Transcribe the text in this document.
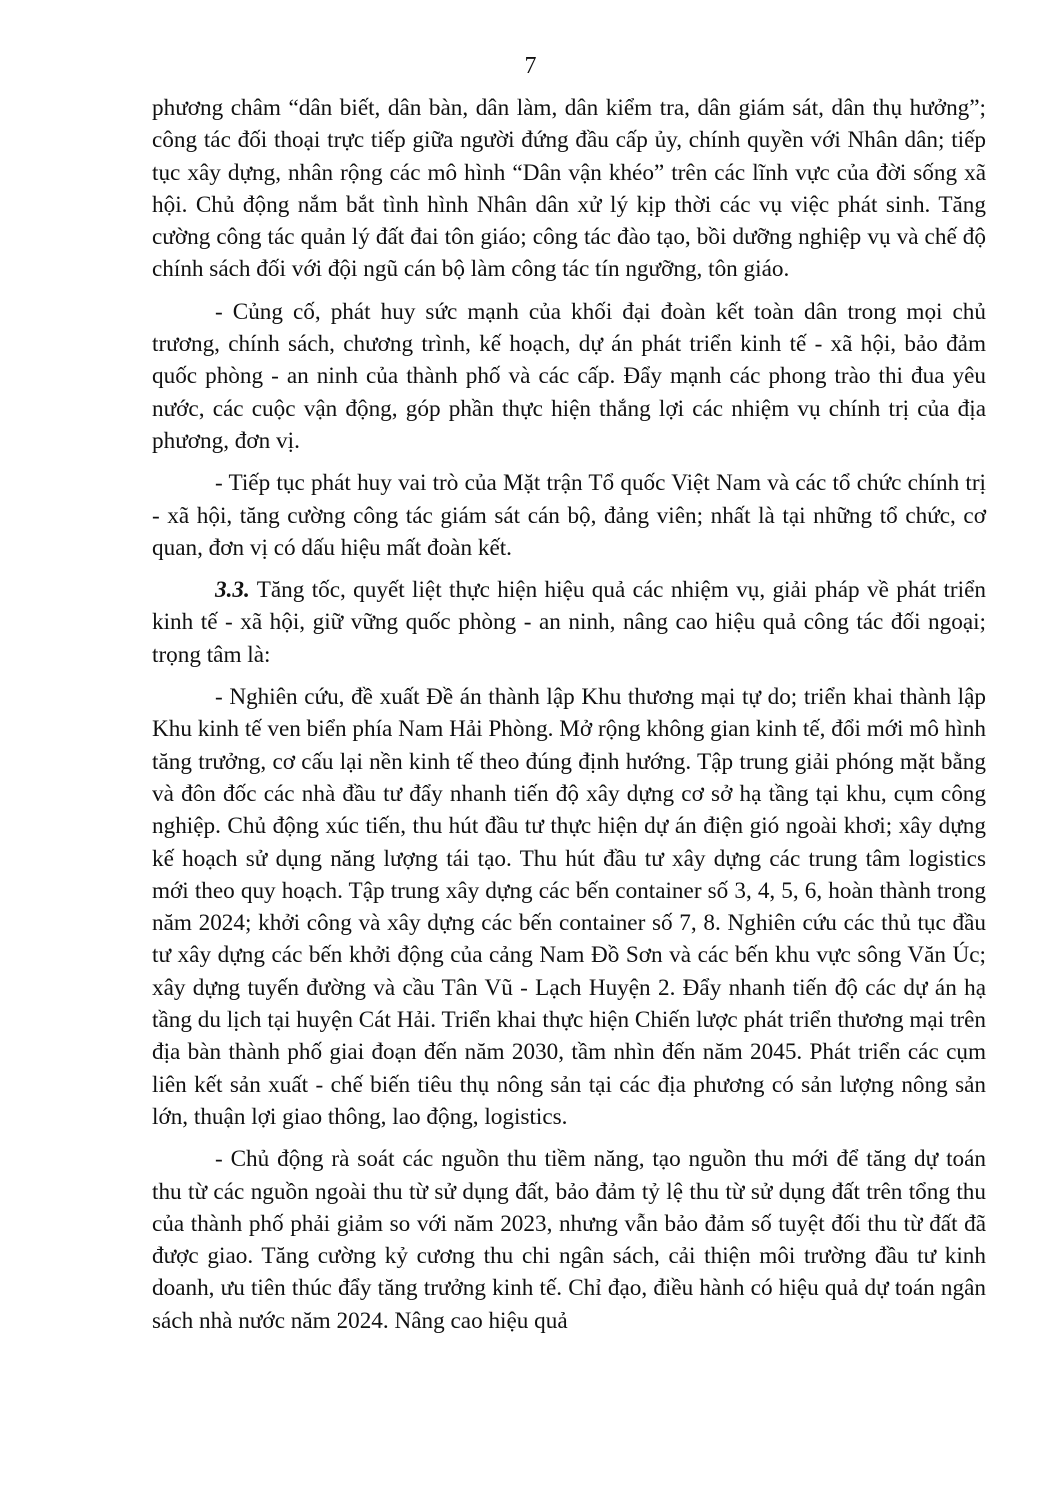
7

phương châm “dân biết, dân bàn, dân làm, dân kiểm tra, dân giám sát, dân thụ hưởng”; công tác đối thoại trực tiếp giữa người đứng đầu cấp ủy, chính quyền với Nhân dân; tiếp tục xây dựng, nhân rộng các mô hình “Dân vận khéo” trên các lĩnh vực của đời sống xã hội. Chủ động nắm bắt tình hình Nhân dân xử lý kịp thời các vụ việc phát sinh. Tăng cường công tác quản lý đất đai tôn giáo; công tác đào tạo, bồi dưỡng nghiệp vụ và chế độ chính sách đối với đội ngũ cán bộ làm công tác tín ngưỡng, tôn giáo.

- Củng cố, phát huy sức mạnh của khối đại đoàn kết toàn dân trong mọi chủ trương, chính sách, chương trình, kế hoạch, dự án phát triển kinh tế - xã hội, bảo đảm quốc phòng - an ninh của thành phố và các cấp. Đẩy mạnh các phong trào thi đua yêu nước, các cuộc vận động, góp phần thực hiện thắng lợi các nhiệm vụ chính trị của địa phương, đơn vị.

- Tiếp tục phát huy vai trò của Mặt trận Tổ quốc Việt Nam và các tổ chức chính trị - xã hội, tăng cường công tác giám sát cán bộ, đảng viên; nhất là tại những tổ chức, cơ quan, đơn vị có dấu hiệu mất đoàn kết.

3.3. Tăng tốc, quyết liệt thực hiện hiệu quả các nhiệm vụ, giải pháp về phát triển kinh tế - xã hội, giữ vững quốc phòng - an ninh, nâng cao hiệu quả công tác đối ngoại; trọng tâm là:

- Nghiên cứu, đề xuất Đề án thành lập Khu thương mại tự do; triển khai thành lập Khu kinh tế ven biển phía Nam Hải Phòng. Mở rộng không gian kinh tế, đổi mới mô hình tăng trưởng, cơ cấu lại nền kinh tế theo đúng định hướng. Tập trung giải phóng mặt bằng và đôn đốc các nhà đầu tư đẩy nhanh tiến độ xây dựng cơ sở hạ tầng tại khu, cụm công nghiệp. Chủ động xúc tiến, thu hút đầu tư thực hiện dự án điện gió ngoài khơi; xây dựng kế hoạch sử dụng năng lượng tái tạo. Thu hút đầu tư xây dựng các trung tâm logistics mới theo quy hoạch. Tập trung xây dựng các bến container số 3, 4, 5, 6, hoàn thành trong năm 2024; khởi công và xây dựng các bến container số 7, 8. Nghiên cứu các thủ tục đầu tư xây dựng các bến khởi động của cảng Nam Đồ Sơn và các bến khu vực sông Văn Úc; xây dựng tuyến đường và cầu Tân Vũ - Lạch Huyện 2. Đẩy nhanh tiến độ các dự án hạ tầng du lịch tại huyện Cát Hải. Triển khai thực hiện Chiến lược phát triển thương mại trên địa bàn thành phố giai đoạn đến năm 2030, tầm nhìn đến năm 2045. Phát triển các cụm liên kết sản xuất - chế biến tiêu thụ nông sản tại các địa phương có sản lượng nông sản lớn, thuận lợi giao thông, lao động, logistics.

- Chủ động rà soát các nguồn thu tiềm năng, tạo nguồn thu mới để tăng dự toán thu từ các nguồn ngoài thu từ sử dụng đất, bảo đảm tỷ lệ thu từ sử dụng đất trên tổng thu của thành phố phải giảm so với năm 2023, nhưng vẫn bảo đảm số tuyệt đối thu từ đất đã được giao. Tăng cường kỷ cương thu chi ngân sách, cải thiện môi trường đầu tư kinh doanh, ưu tiên thúc đẩy tăng trưởng kinh tế. Chỉ đạo, điều hành có hiệu quả dự toán ngân sách nhà nước năm 2024. Nâng cao hiệu quả
